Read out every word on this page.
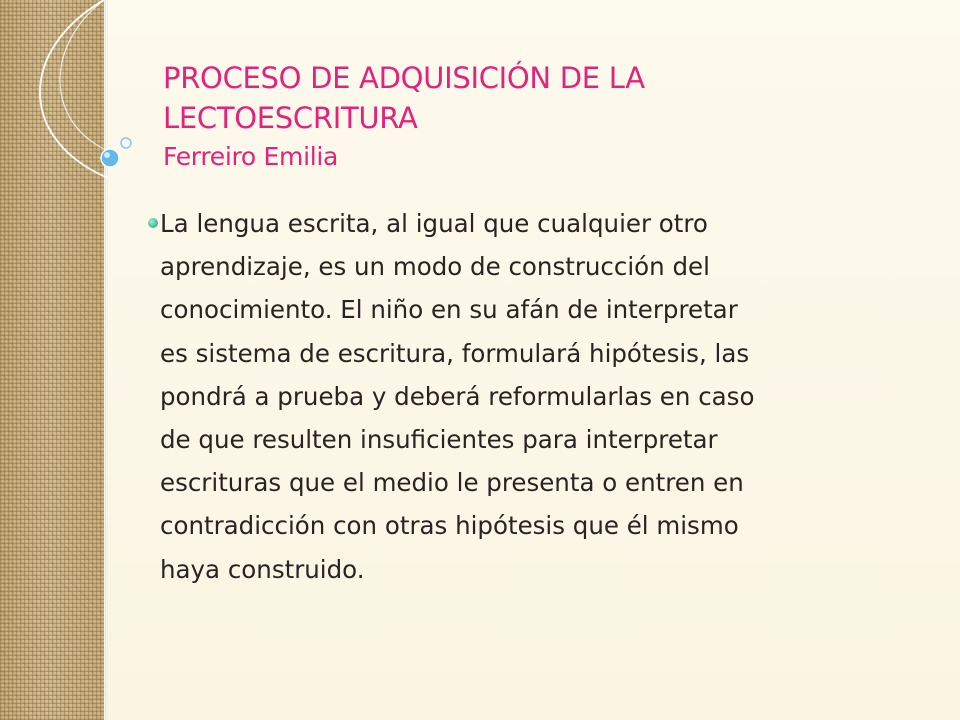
PROCESO DE ADQUISICIÓN DE LA
LECTOESCRITURA
Ferreiro Emilia
La lengua escrita, al igual que cualquier otro
aprendizaje, es un modo de construcción del
conocimiento. El niño en su afán de interpretar
es sistema de escritura, formulará hipótesis, las
pondrá a prueba y deberá reformularlas en caso
de que resulten insuficientes para interpretar
escrituras que el medio le presenta o entren en
contradicción con otras hipótesis que él mismo
haya construido.
